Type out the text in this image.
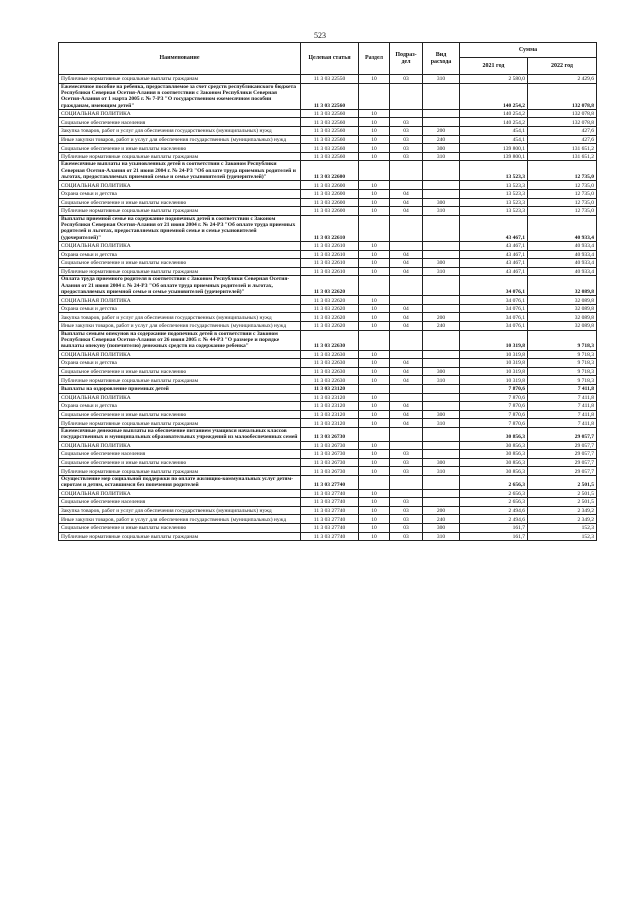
523
Наименование	Целевая статья	Раздел	Подраз- дел	Вид расхода	Сумма	
					2021 год	2022 год
Публичные нормативные социальные выплаты гражданам	11 3 03 22550	10	03	310	2 580,0	2 429,6
Ежемесячное пособие на ребенка, предоставляемое за счет средств республиканского бюджета Республики Северная Осетия-Алания в соответствии с Законом Республики Северная Осетия-Алания от 1 марта 2005 г. № 7-РЗ "О государственном ежемесячном пособии гражданам, имеющим детей"	11 3 03 22560				140 254,2	132 078,8
СОЦИАЛЬНАЯ ПОЛИТИКА	11 3 03 22560	10			140 254,2	132 078,8
Социальное обеспечение населения	11 3 03 22560	10	03		140 254,2	132 078,8
Закупка товаров, работ и услуг для обеспечения государственных (муниципальных) нужд	11 3 03 22560	10	03	200	454,1	427,6
Иные закупки товаров, работ и услуг для обеспечения государственных (муниципальных) нужд	11 3 03 22560	10	03	240	454,1	427,6
Социальное обеспечение и иные выплаты населению	11 3 03 22560	10	03	300	139 800,1	131 651,2
Публичные нормативные социальные выплаты гражданам	11 3 03 22560	10	03	310	139 800,1	131 651,2
Ежемесячные выплаты на усыновленных детей в соответствии с Законом Республики Северная Осетия-Алания от 21 июня 2004 г. № 24-РЗ "Об оплате труда приемных родителей и льготах, предоставляемых приемной семье и семье усыновителей (удочерителей)"	11 3 03 22600				13 523,3	12 735,0
СОЦИАЛЬНАЯ ПОЛИТИКА	11 3 03 22600	10			13 523,3	12 735,0
Охрана семьи и детства	11 3 03 22600	10	04		13 523,3	12 735,0
Социальное обеспечение и иные выплаты населению	11 3 03 22600	10	04	300	13 523,3	12 735,0
Публичные нормативные социальные выплаты гражданам	11 3 03 22600	10	04	310	13 523,3	12 735,0
Выплаты приемной семье на содержание подопечных детей в соответствии с Законом Республики Северная Осетия-Алания от 21 июня 2004 г. № 24-РЗ "Об оплате труда приемных родителей и льготах, предоставляемых приемной семье и семье усыновителей (удочерителей)"	11 3 03 22610				43 467,1	40 933,4
СОЦИАЛЬНАЯ ПОЛИТИКА	11 3 03 22610	10			43 467,1	40 933,4
Охрана семьи и детства	11 3 03 22610	10	04		43 467,1	40 933,4
Социальное обеспечение и иные выплаты населению	11 3 03 22610	10	04	300	43 467,1	40 933,4
Публичные нормативные социальные выплаты гражданам	11 3 03 22610	10	04	310	43 467,1	40 933,4
Оплата труда приемного родителя в соответствии с Законом Республики Северная Осетия-Алания от 21 июня 2004 г. № 24-РЗ "Об оплате труда приемных родителей и льготах, предоставляемых приемной семье и семье усыновителей (удочерителей)"	11 3 03 22620				34 076,1	32 089,8
СОЦИАЛЬНАЯ ПОЛИТИКА	11 3 03 22620	10			34 076,1	32 089,8
Охрана семьи и детства	11 3 03 22620	10	04		34 076,1	32 089,8
Закупка товаров, работ и услуг для обеспечения государственных (муниципальных) нужд	11 3 03 22620	10	04	200	34 076,1	32 089,8
Иные закупки товаров, работ и услуг для обеспечения государственных (муниципальных) нужд	11 3 03 22620	10	04	240	34 076,1	32 089,8
Выплаты семьям опекунов на содержание подопечных детей в соответствии с Законом Республики Северная Осетия-Алания от 26 июня 2005 г. № 44-РЗ "О размере и порядке выплаты опекуну (попечителю) денежных средств на содержание ребенка"	11 3 03 22630				10 319,8	9 718,3
СОЦИАЛЬНАЯ ПОЛИТИКА	11 3 03 22630	10			10 319,8	9 718,3
Охрана семьи и детства	11 3 03 22630	10	04		10 319,8	9 718,3
Социальное обеспечение и иные выплаты населению	11 3 03 22630	10	04	300	10 319,8	9 718,3
Публичные нормативные социальные выплаты гражданам	11 3 03 22630	10	04	310	10 319,8	9 718,3
Выплаты на оздоровление приемных детей	11 3 03 23120				7 870,6	7 411,8
СОЦИАЛЬНАЯ ПОЛИТИКА	11 3 03 23120	10			7 870,6	7 411,8
Охрана семьи и детства	11 3 03 23120	10	04		7 870,6	7 411,8
Социальное обеспечение и иные выплаты населению	11 3 03 23120	10	04	300	7 870,6	7 411,8
Публичные нормативные социальные выплаты гражданам	11 3 03 23120	10	04	310	7 870,6	7 411,8
Ежемесячные денежные выплаты на обеспечение питанием учащихся начальных классов государственных и муниципальных образовательных учреждений из малообеспеченных семей	11 3 03 26730				30 856,3	29 057,7
СОЦИАЛЬНАЯ ПОЛИТИКА	11 3 03 26730	10			30 856,3	29 057,7
Социальное обеспечение населения	11 3 03 26730	10	03		30 856,3	29 057,7
Социальное обеспечение и иные выплаты населению	11 3 03 26730	10	03	300	30 856,3	29 057,7
Публичные нормативные социальные выплаты гражданам	11 3 03 26730	10	03	310	30 856,3	29 057,7
Осуществление мер социальной поддержки по оплате жилищно-коммунальных услуг детям-сиротам и детям, оставшимся без попечения родителей	11 3 03 27740				2 656,3	2 501,5
СОЦИАЛЬНАЯ ПОЛИТИКА	11 3 03 27740	10			2 656,3	2 501,5
Социальное обеспечение населения	11 3 03 27740	10	03		2 656,3	2 501,5
Закупка товаров, работ и услуг для обеспечения государственных (муниципальных) нужд	11 3 03 27740	10	03	200	2 494,6	2 349,2
Иные закупки товаров, работ и услуг для обеспечения государственных (муниципальных) нужд	11 3 03 27740	10	03	240	2 494,6	2 349,2
Социальное обеспечение и иные выплаты населению	11 3 03 27740	10	03	300	161,7	152,3
Публичные нормативные социальные выплаты гражданам	11 3 03 27740	10	03	310	161,7	152,3
